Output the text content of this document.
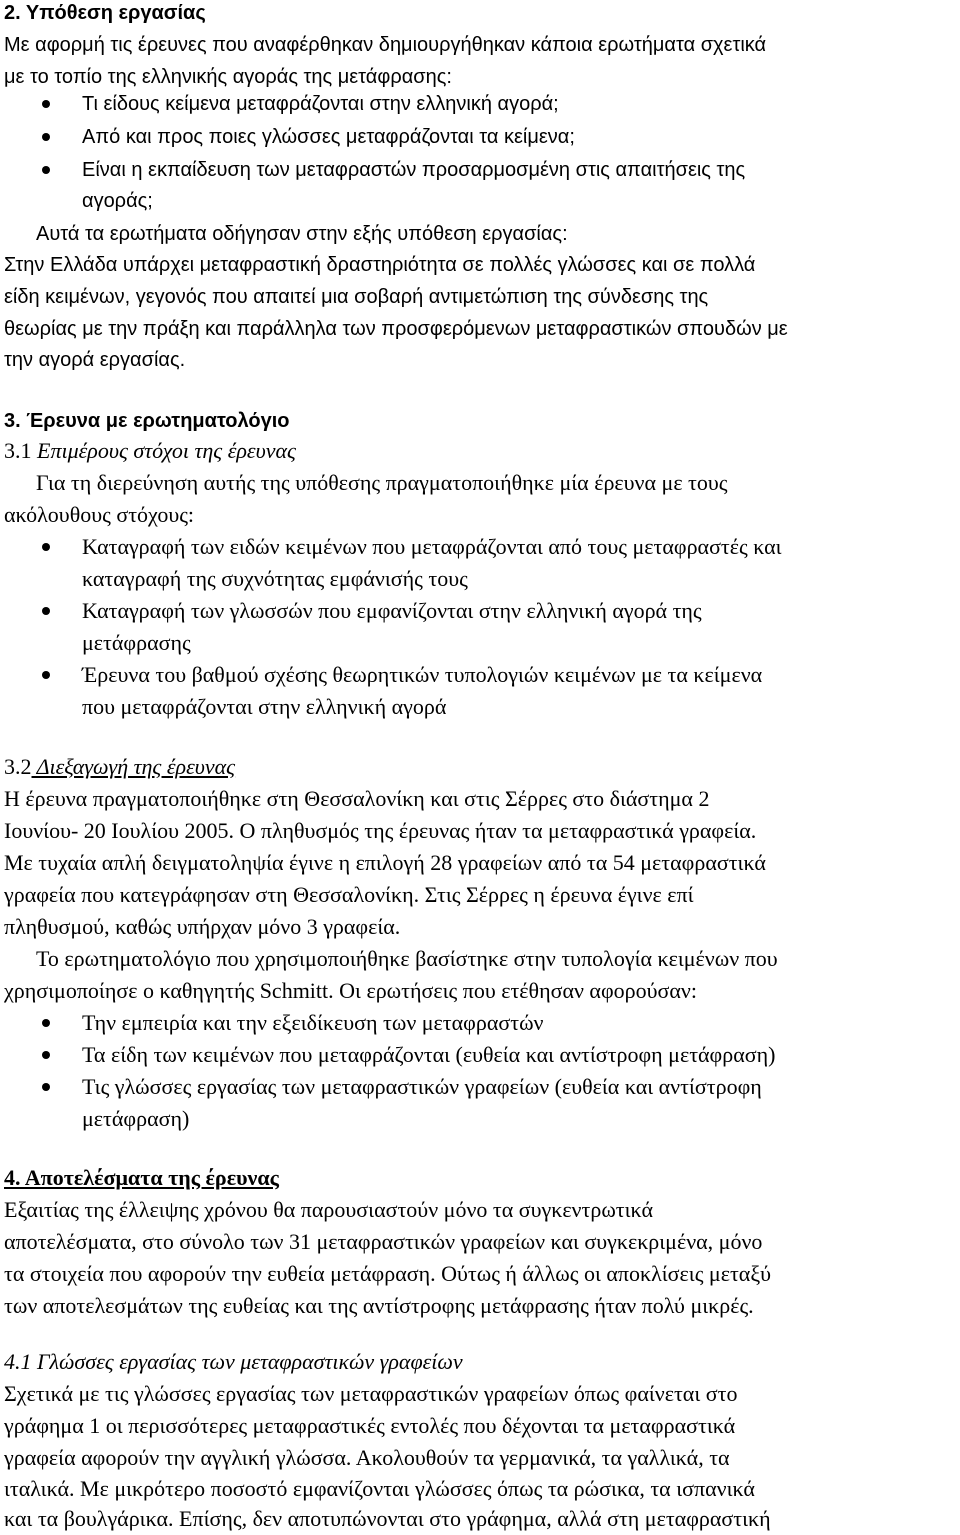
2. Υπόθεση εργασίας
Με αφορμή τις έρευνες που αναφέρθηκαν δημιουργήθηκαν κάποια ερωτήματα σχετικά
με το τοπίο της ελληνικής αγοράς της μετάφρασης:
Τι είδους κείμενα μεταφράζονται στην ελληνική αγορά;
Από και προς ποιες γλώσσες μεταφράζονται τα κείμενα;
Είναι η εκπαίδευση των μεταφραστών προσαρμοσμένη στις απαιτήσεις της
αγοράς;
Αυτά τα ερωτήματα οδήγησαν στην εξής υπόθεση εργασίας:
Στην Ελλάδα υπάρχει μεταφραστική δραστηριότητα σε πολλές γλώσσες και σε πολλά
είδη κειμένων, γεγονός που απαιτεί μια σοβαρή αντιμετώπιση της σύνδεσης της
θεωρίας με την πράξη και παράλληλα των προσφερόμενων μεταφραστικών σπουδών με
την αγορά εργασίας.
3. Έρευνα με ερωτηματολόγιο
3.1 Επιμέρους στόχοι της έρευνας
Για τη διερεύνηση αυτής της υπόθεσης πραγματοποιήθηκε μία έρευνα με τους
ακόλουθους στόχους:
Καταγραφή των ειδών κειμένων που μεταφράζονται από τους μεταφραστές και
καταγραφή της συχνότητας εμφάνισής τους
Καταγραφή των γλωσσών που εμφανίζονται στην ελληνική αγορά της
μετάφρασης
Έρευνα του βαθμού σχέσης θεωρητικών τυπολογιών κειμένων με τα κείμενα
που μεταφράζονται στην ελληνική αγορά
3.2 Διεξαγωγή της έρευνας
Η έρευνα πραγματοποιήθηκε στη Θεσσαλονίκη και στις Σέρρες στο διάστημα 2
Ιουνίου- 20 Ιουλίου 2005. Ο πληθυσμός της έρευνας ήταν τα μεταφραστικά γραφεία.
Με τυχαία απλή δειγματοληψία έγινε η επιλογή 28 γραφείων από τα 54 μεταφραστικά
γραφεία που κατεγράφησαν στη Θεσσαλονίκη. Στις Σέρρες η έρευνα έγινε επί
πληθυσμού, καθώς υπήρχαν μόνο 3 γραφεία.
Το ερωτηματολόγιο που χρησιμοποιήθηκε βασίστηκε στην τυπολογία κειμένων που
χρησιμοποίησε ο καθηγητής Schmitt. Οι ερωτήσεις που ετέθησαν αφορούσαν:
Την εμπειρία και την εξειδίκευση των μεταφραστών
Τα είδη των κειμένων που μεταφράζονται (ευθεία και αντίστροφη μετάφραση)
Τις γλώσσες εργασίας των μεταφραστικών γραφείων (ευθεία και αντίστροφη
μετάφραση)
4. Αποτελέσματα της έρευνας
Εξαιτίας της έλλειψης χρόνου θα παρουσιαστούν μόνο τα συγκεντρωτικά
αποτελέσματα, στο σύνολο των 31 μεταφραστικών γραφείων και συγκεκριμένα, μόνο
τα στοιχεία που αφορούν την ευθεία μετάφραση. Ούτως ή άλλως οι αποκλίσεις μεταξύ
των αποτελεσμάτων της ευθείας και της αντίστροφης μετάφρασης ήταν πολύ μικρές.
4.1 Γλώσσες εργασίας των μεταφραστικών γραφείων
Σχετικά με τις γλώσσες εργασίας των μεταφραστικών γραφείων όπως φαίνεται στο
γράφημα 1 οι περισσότερες μεταφραστικές εντολές που δέχονται τα μεταφραστικά
γραφεία αφορούν την αγγλική γλώσσα. Ακολουθούν τα γερμανικά, τα γαλλικά, τα
ιταλικά. Με μικρότερο ποσοστό εμφανίζονται γλώσσες όπως τα ρώσικα, τα ισπανικά
και τα βουλγάρικα. Επίσης, δεν αποτυπώνονται στο γράφημα, αλλά στη μεταφραστική
